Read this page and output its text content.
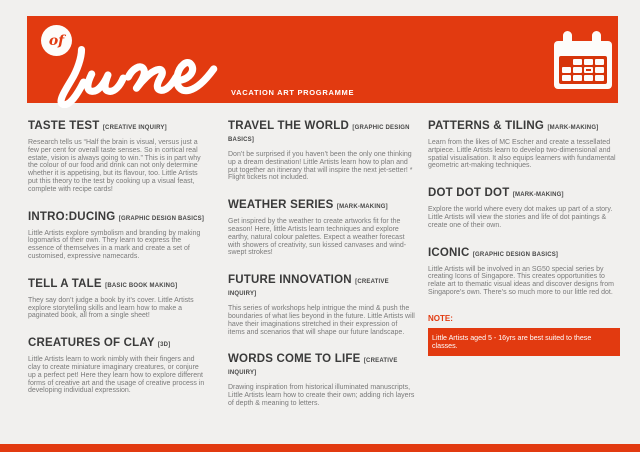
of
VACATION ART PROGRAMME
TASTE TEST [CREATIVE INQUIRY]

Research tells us “Half the brain is visual, versus just a few per cent for overall taste senses. So in cortical real estate, vision is always going to win.” This is in part why the colour of our food and drink can not only determine whether it is appetising, but its flavour, too. Little Artists put this theory to the test by cooking up a visual feast, complete with recipe cards!

INTRO:DUCING [GRAPHIC DESIGN BASICS]

Little Artists explore symbolism and branding by making logomarks of their own. They learn to express the essence of themselves in a mark and create a set of customised, expressive namecards.

TELL A TALE [BASIC BOOK MAKING]

They say don’t judge a book by it’s cover. Little Artists explore storytelling skills and learn how to make a paginated book, all from a single sheet!

CREATURES OF CLAY [3D]

Little Artists learn to work nimbly with their fingers and clay to create miniature imaginary creatures, or conjure up a perfect pet! Here they learn how to explore different forms of creative art and the usage of creative process in developing individual expression.

TRAVEL THE WORLD [GRAPHIC DESIGN BASICS]

Don’t be surprised if you haven’t been the only one thinking up a dream destination! Little Artists learn how to plan and put together an itinerary that will inspire the next jet-setter! * Flight tickets not included.

WEATHER SERIES [MARK-MAKING]

Get inspired by the weather to create artworks fit for the season! Here, little Artists learn techniques and explore earthy, natural colour palettes. Expect a weather forecast with showers of creativity, sun kissed canvases and wind-swept strokes!

FUTURE INNOVATION [CREATIVE INQUIRY]

This series of workshops help intrigue the mind & push the boundaries of what lies beyond in the future. Little Artists will have their imaginations stretched in their expression of items and scenarios that will shape our future landscape.

WORDS COME TO LIFE [CREATIVE INQUIRY]

Drawing inspiration from historical illuminated manuscripts, Little Artists learn how to create their own; adding rich layers of depth & meaning to letters.

PATTERNS & TILING [MARK-MAKING]

Learn from the likes of MC Escher and create a tessellated artpiece. Little Artists learn to develop two-dimensional and spatial visualisation. It also equips learners with fundamental geometric art-making techniques.

DOT DOT DOT [MARK-MAKING]

Explore the world where every dot makes up part of a story. Little Artists will view the stories and life of dot paintings & create one of their own.

ICONIC [GRAPHIC DESIGN BASICS]

Little Artists will be involved in an SG50 special series by creating Icons of Singapore. This creates opportunities to relate art to thematic visual ideas and discover designs from Singapore’s own. There’s so much more to our little red dot.

NOTE:
Little Artists aged 5 - 16yrs are best suited to these classes.
